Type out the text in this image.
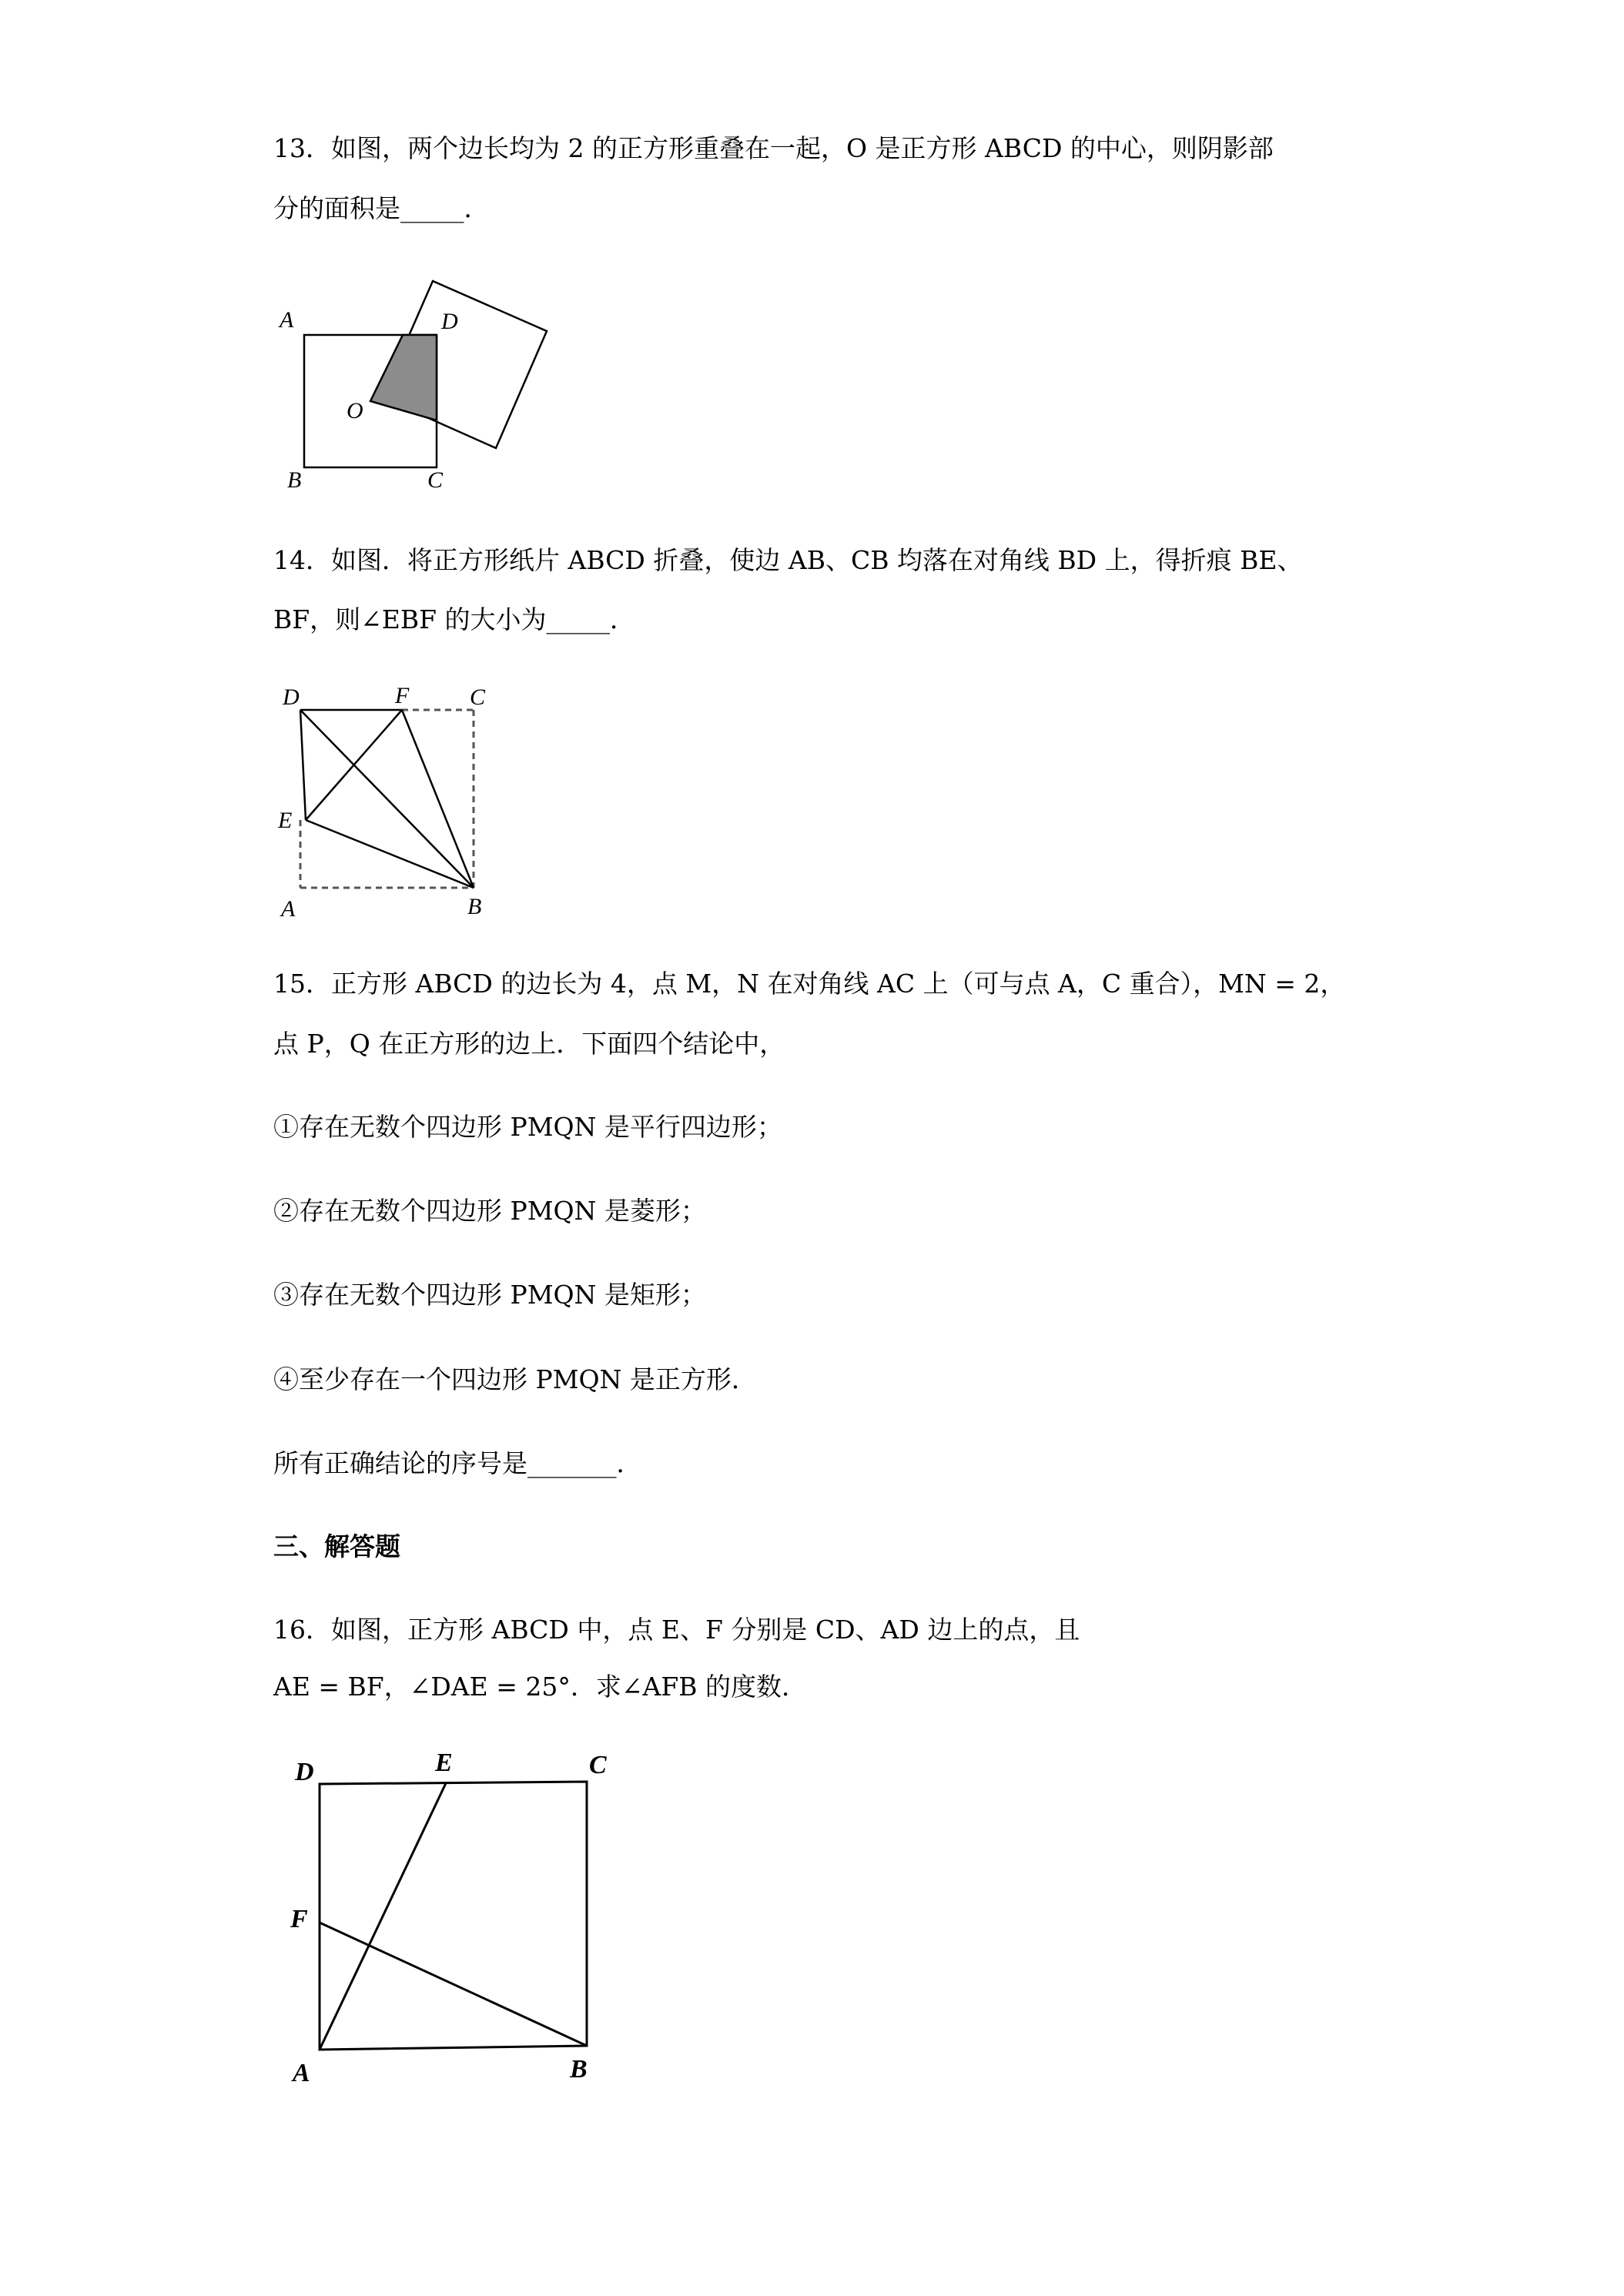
13．如图，两个边长均为 2 的正方形重叠在一起，O 是正方形 ABCD 的中心，则阴影部
分的面积是_____．
A	D
O
B	C
14．如图．将正方形纸片 ABCD 折叠，使边 AB、CB 均落在对角线 BD 上，得折痕 BE、
BF，则∠EBF 的大小为_____．
D	F	C
E
A	B
15．正方形 ABCD 的边长为 4，点 M，N 在对角线 AC 上（可与点 A，C 重合），MN = 2，
点 P，Q 在正方形的边上．下面四个结论中，
①存在无数个四边形 PMQN 是平行四边形；
②存在无数个四边形 PMQN 是菱形；
③存在无数个四边形 PMQN 是矩形；
④至少存在一个四边形 PMQN 是正方形．
所有正确结论的序号是_______．
三、解答题
16．如图，正方形 ABCD 中，点 E、F 分别是 CD、AD 边上的点，且
AE = BF，∠DAE = 25°．求∠AFB 的度数．
D	E	C
F
A	B
